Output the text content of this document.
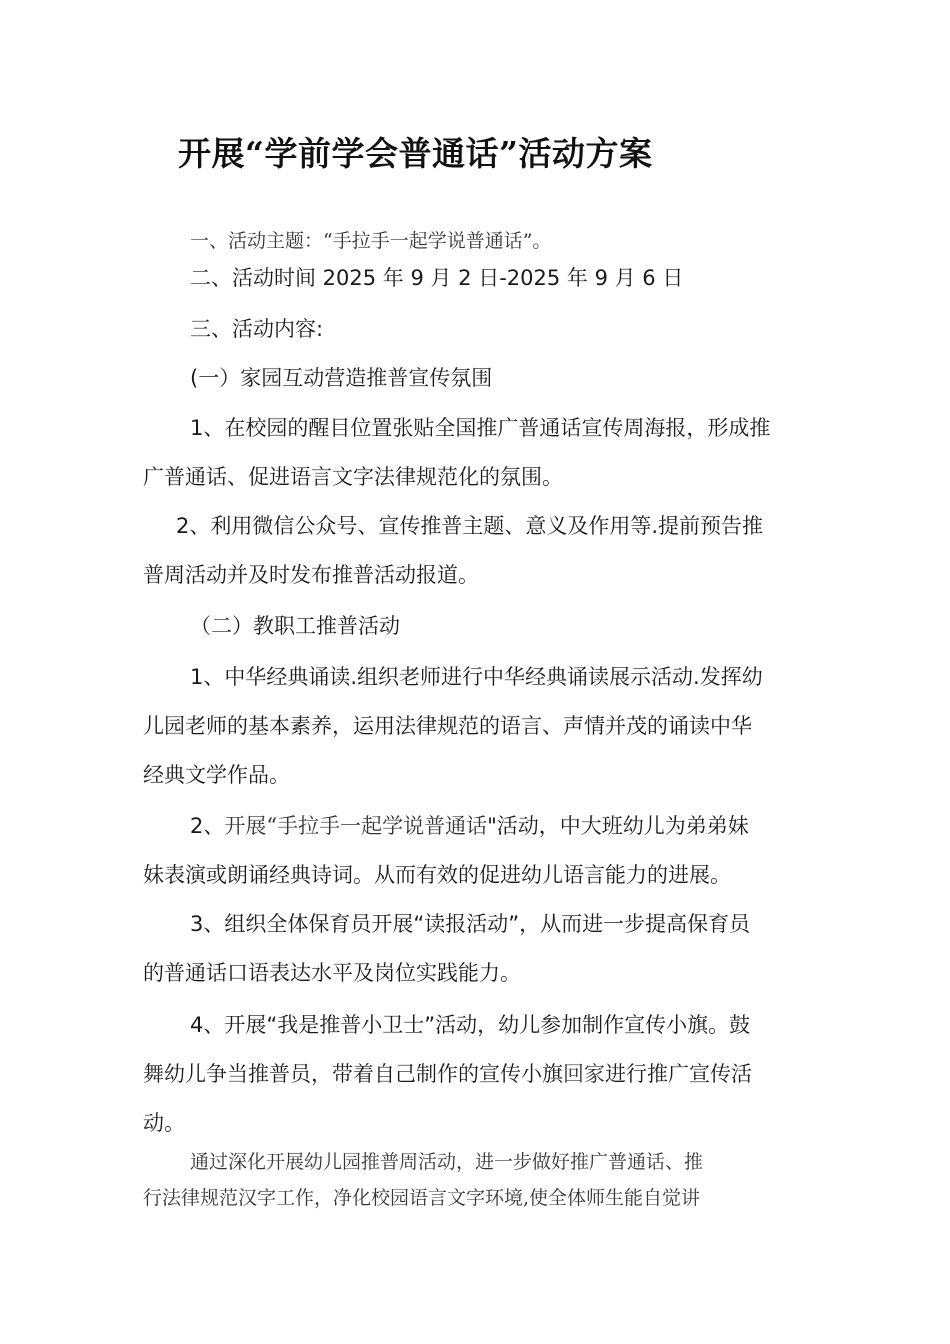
开展“学前学会普通话”活动方案
一、活动主题：“手拉手一起学说普通话”。
二、活动时间 2025 年 9 月 2 日-2025 年 9 月 6 日
三、活动内容:
(一）家园互动营造推普宣传氛围
1、在校园的醒目位置张贴全国推广普通话宣传周海报，形成推
广普通话、促进语言文字法律规范化的氛围。
2、利用微信公众号、宣传推普主题、意义及作用等.提前预告推
普周活动并及时发布推普活动报道。
（二）教职工推普活动
1、中华经典诵读.组织老师进行中华经典诵读展示活动.发挥幼
儿园老师的基本素养，运用法律规范的语言、声情并茂的诵读中华
经典文学作品。
2、开展“手拉手一起学说普通话"活动，中大班幼儿为弟弟妹
妹表演或朗诵经典诗词。从而有效的促进幼儿语言能力的进展。
3、组织全体保育员开展“读报活动”，从而进一步提高保育员
的普通话口语表达水平及岗位实践能力。
4、开展“我是推普小卫士”活动，幼儿参加制作宣传小旗。鼓
舞幼儿争当推普员，带着自己制作的宣传小旗回家进行推广宣传活
动。
通过深化开展幼儿园推普周活动，进一步做好推广普通话、推
行法律规范汉字工作，净化校园语言文字环境,使全体师生能自觉讲
